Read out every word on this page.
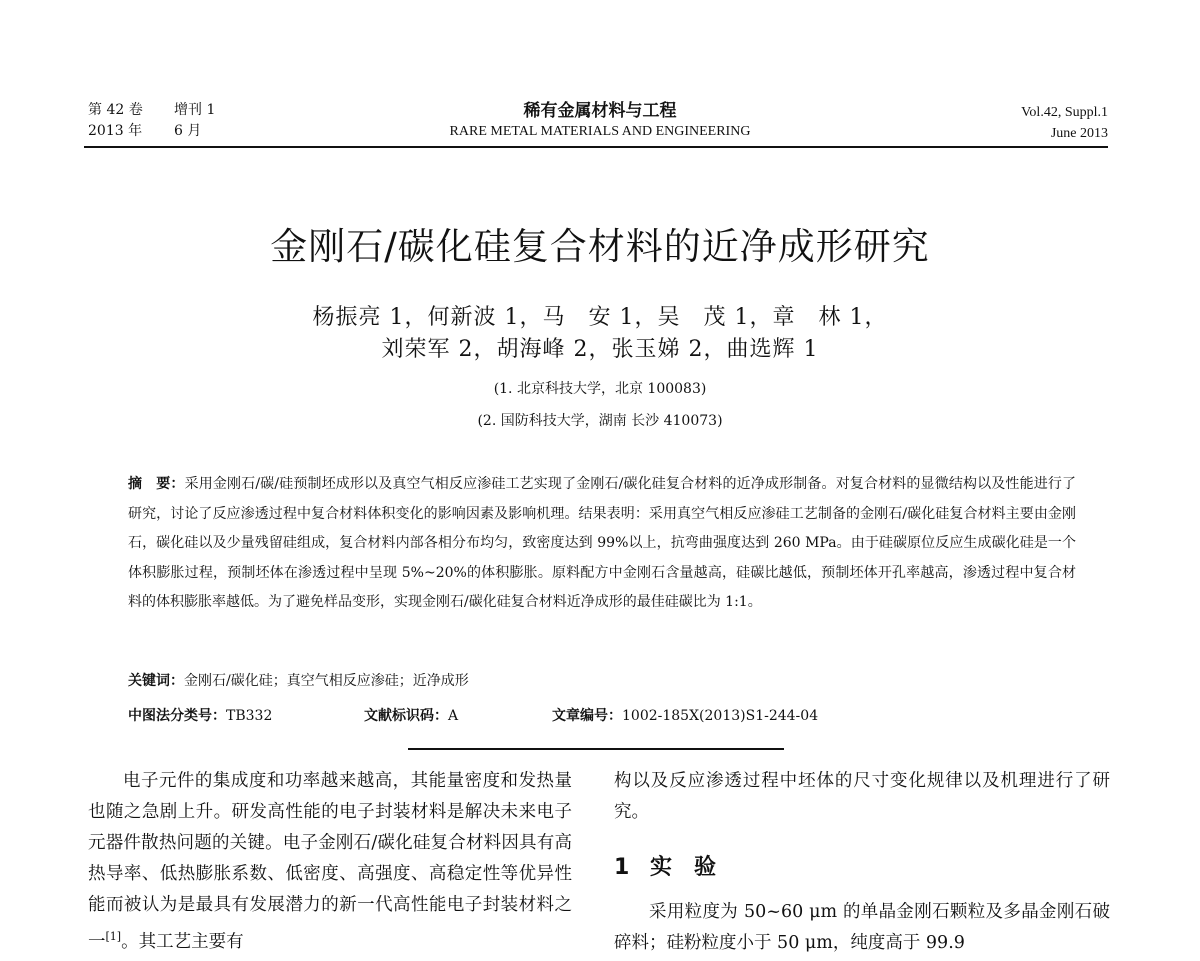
第 42 卷 增刊 1
2013 年 6 月
稀有金属材料与工程
RARE METAL MATERIALS AND ENGINEERING
Vol.42, Suppl.1
June 2013
金刚石/碳化硅复合材料的近净成形研究
杨振亮 1，何新波 1，马　安 1，吴　茂 1，章　林 1，
刘荣军 2，胡海峰 2，张玉娣 2，曲选辉 1
(1. 北京科技大学，北京 100083)
(2. 国防科技大学，湖南 长沙 410073)
摘　要：采用金刚石/碳/硅预制坯成形以及真空气相反应渗硅工艺实现了金刚石/碳化硅复合材料的近净成形制备。对复合材料的显微结构以及性能进行了研究，讨论了反应渗透过程中复合材料体积变化的影响因素及影响机理。结果表明：采用真空气相反应渗硅工艺制备的金刚石/碳化硅复合材料主要由金刚石，碳化硅以及少量残留硅组成，复合材料内部各相分布均匀，致密度达到 99%以上，抗弯曲强度达到 260 MPa。由于硅碳原位反应生成碳化硅是一个体积膨胀过程，预制坯体在渗透过程中呈现 5%~20%的体积膨胀。原料配方中金刚石含量越高，硅碳比越低，预制坯体开孔率越高，渗透过程中复合材料的体积膨胀率越低。为了避免样品变形，实现金刚石/碳化硅复合材料近净成形的最佳硅碳比为 1:1。
关键词：金刚石/碳化硅；真空气相反应渗硅；近净成形
中图法分类号：TB332	文献标识码：A	文章编号：1002-185X(2013)S1-244-04

电子元件的集成度和功率越来越高，其能量密度和发热量也随之急剧上升。研发高性能的电子封装材料是解决未来电子元器件散热问题的关键。电子金刚石/碳化硅复合材料因具有高热导率、低热膨胀系数、低密度、高强度、高稳定性等优异性能而被认为是最具有发展潜力的新一代高性能电子封装材料之一[1]。其工艺主要有

构以及反应渗透过程中坯体的尺寸变化规律以及机理进行了研究。

1 实　验

采用粒度为 50~60 μm 的单晶金刚石颗粒及多晶金刚石破碎料；硅粉粒度小于 50 μm，纯度高于 99.9
